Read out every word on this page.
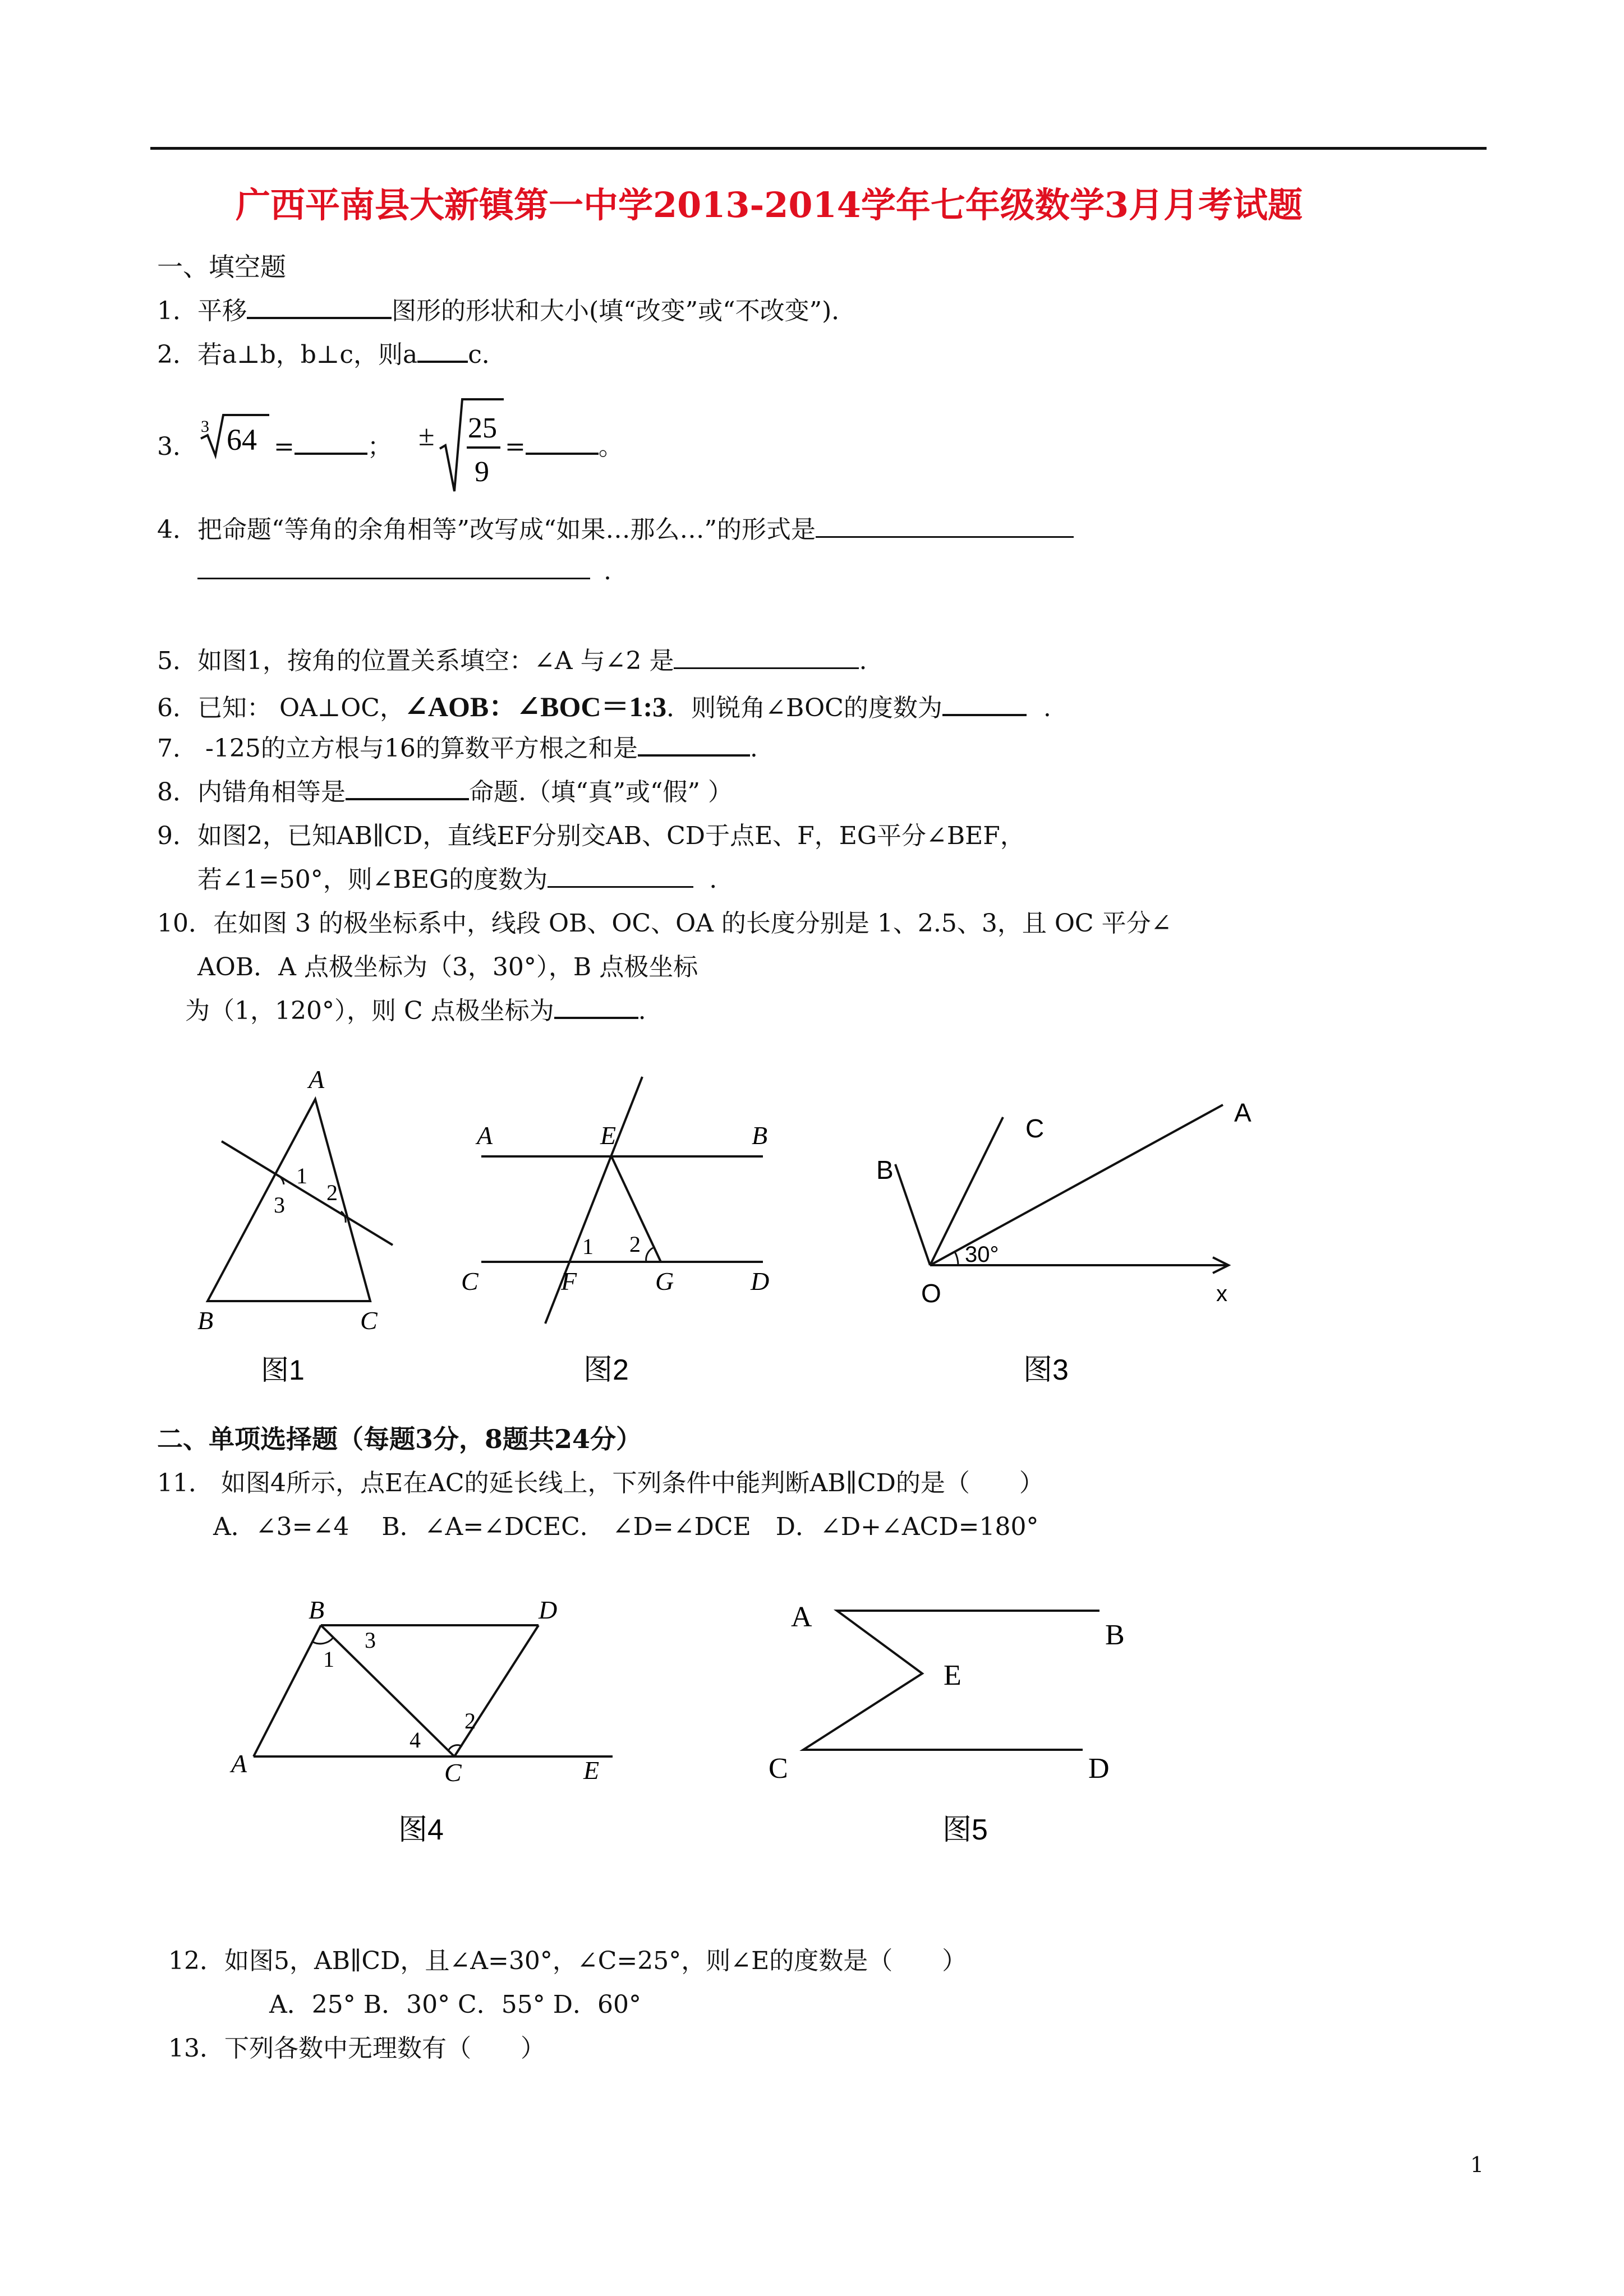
广西平南县大新镇第一中学2013-2014学年七年级数学3月月考试题
一、填空题
1．平移	图形的形状和大小(填“改变”或“不改变”)．
2．若a⊥b，b⊥c，则a c．
3．
3 64 =	； ± 25
9
=	。
4．把命题“等角的余角相等”改写成“如果…那么…”的形式是
.
5．如图1，按角的位置关系填空：∠A 与∠2 是	.
6．已知： OA⊥OC，∠AOB：∠BOC＝1:3．则锐角∠BOC的度数为	.
7． -125的立方根与16的算数平方根之和是	.
8．内错角相等是	命题.（填“真”或“假” ）
9．如图2，已知AB∥CD，直线EF分别交AB、CD于点E、F，EG平分∠BEF，
若∠1=50°，则∠BEG的度数为	.
10．在如图 3 的极坐标系中，线段 OB、OC、OA 的长度分别是 1、2.5、3，且 OC 平分∠
AOB．A 点极坐标为（3，30°），B 点极坐标
为（1，120°），则 C 点极坐标为	.
A
B	C
1
2
3
图1
A	B
E
C	F	G	D
1 2
图2
A
B
C
O	x
30°
图3
二、单项选择题（每题3分，8题共24分）
11． 如图4所示，点E在AC的延长线上，下列条件中能判断AB∥CD的是（　　）
A．∠3=∠4　 B．∠A=∠DCEC． ∠D=∠DCE　D．∠D+∠ACD=180°
B	D
A	C	E
1
2
3
4
图4
A
B
E
C	D
图5
12．如图5，AB∥CD，且∠A=30°，∠C=25°，则∠E的度数是（　　）
A．25° B．30° C．55° D．60°
13．下列各数中无理数有（　　）
1
